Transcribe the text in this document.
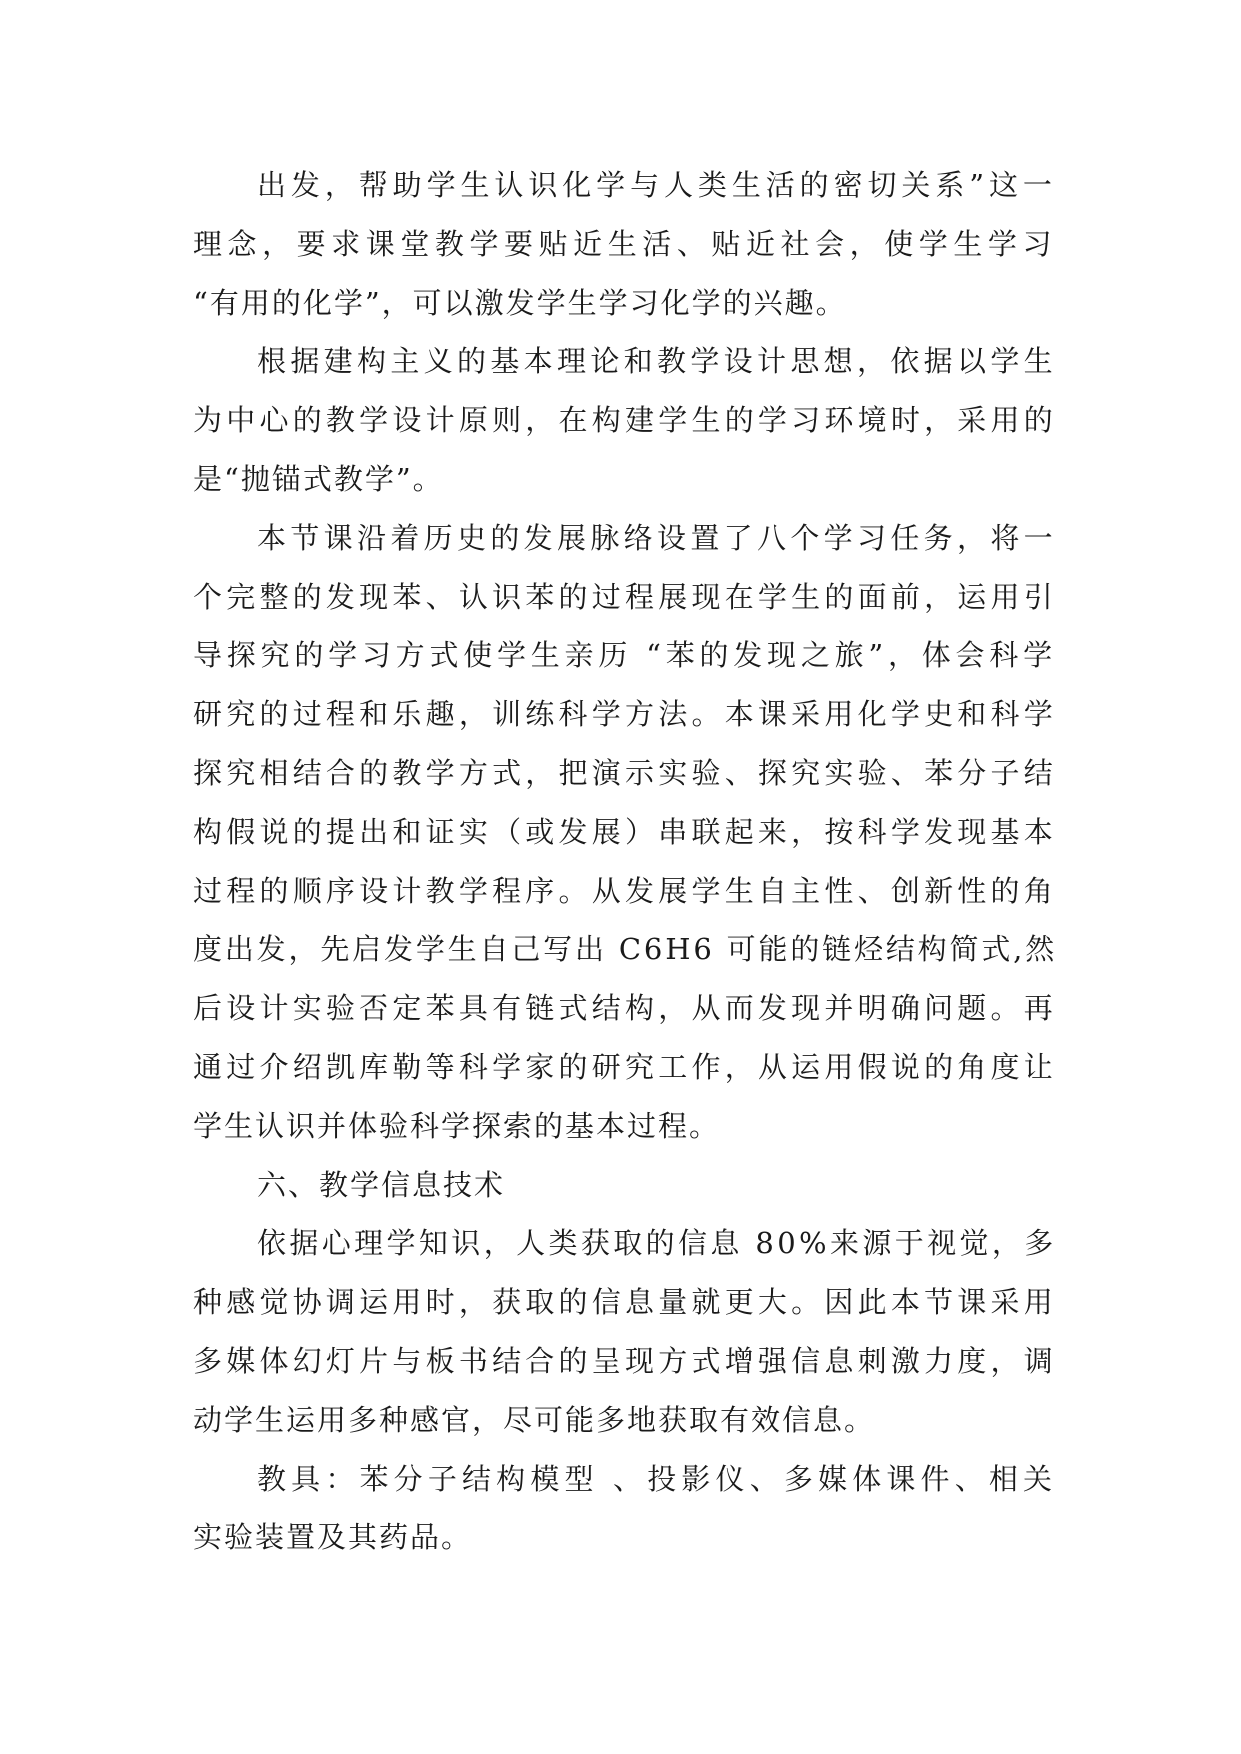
出发，帮助学生认识化学与人类生活的密切关系”这一
理念，要求课堂教学要贴近生活、贴近社会，使学生学习
“有用的化学”，可以激发学生学习化学的兴趣。
根据建构主义的基本理论和教学设计思想，依据以学生
为中心的教学设计原则，在构建学生的学习环境时，采用的
是“抛锚式教学”。
本节课沿着历史的发展脉络设置了八个学习任务，将一
个完整的发现苯、认识苯的过程展现在学生的面前，运用引
导探究的学习方式使学生亲历 “苯的发现之旅”，体会科学
研究的过程和乐趣，训练科学方法。本课采用化学史和科学
探究相结合的教学方式，把演示实验、探究实验、苯分子结
构假说的提出和证实（或发展）串联起来，按科学发现基本
过程的顺序设计教学程序。从发展学生自主性、创新性的角
度出发，先启发学生自己写出 C6H6 可能的链烃结构简式,然
后设计实验否定苯具有链式结构，从而发现并明确问题。再
通过介绍凯库勒等科学家的研究工作，从运用假说的角度让
学生认识并体验科学探索的基本过程。
六、教学信息技术
依据心理学知识，人类获取的信息 80%来源于视觉，多
种感觉协调运用时，获取的信息量就更大。因此本节课采用
多媒体幻灯片与板书结合的呈现方式增强信息刺激力度，调
动学生运用多种感官，尽可能多地获取有效信息。
教具：苯分子结构模型 、投影仪、多媒体课件、相关
实验装置及其药品。
